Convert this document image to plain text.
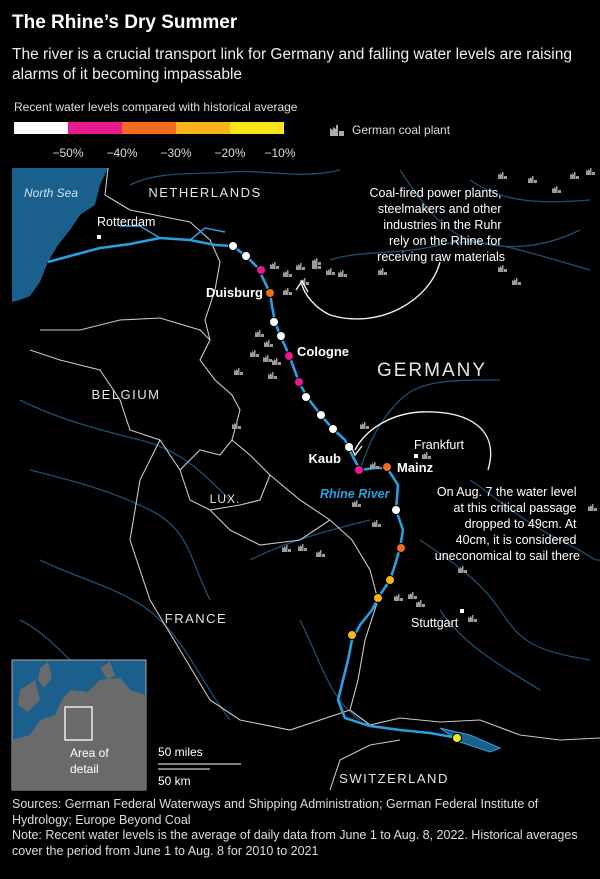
The Rhine’s Dry Summer
The river is a crucial transport link for Germany and falling water levels are raising alarms of it becoming impassable
Recent water levels compared with historical average
−50% −40% −30% −20% −10%
German coal plant
North Sea	NETHERLANDS
GERMANY
BELGIUM
LUX.
FRANCE
SWITZERLAND
Rotterdam
Duisburg
Cologne
Kaub
Mainz
Frankfurt
Stuttgart
Rhine River
Coal-fired power plants, steelmakers and other industries in the Ruhr rely on the Rhine for receiving raw materials
On Aug. 7 the water level at this critical passage dropped to 49cm. At 40cm, it is considered uneconomical to sail there
Area of detail
50 miles
50 km

Sources: German Federal Waterways and Shipping Administration; German Federal Institute of Hydrology; Europe Beyond Coal

Note: Recent water levels is the average of daily data from June 1 to Aug. 8, 2022. Historical averages cover the period from June 1 to Aug. 8 for 2010 to 2021
